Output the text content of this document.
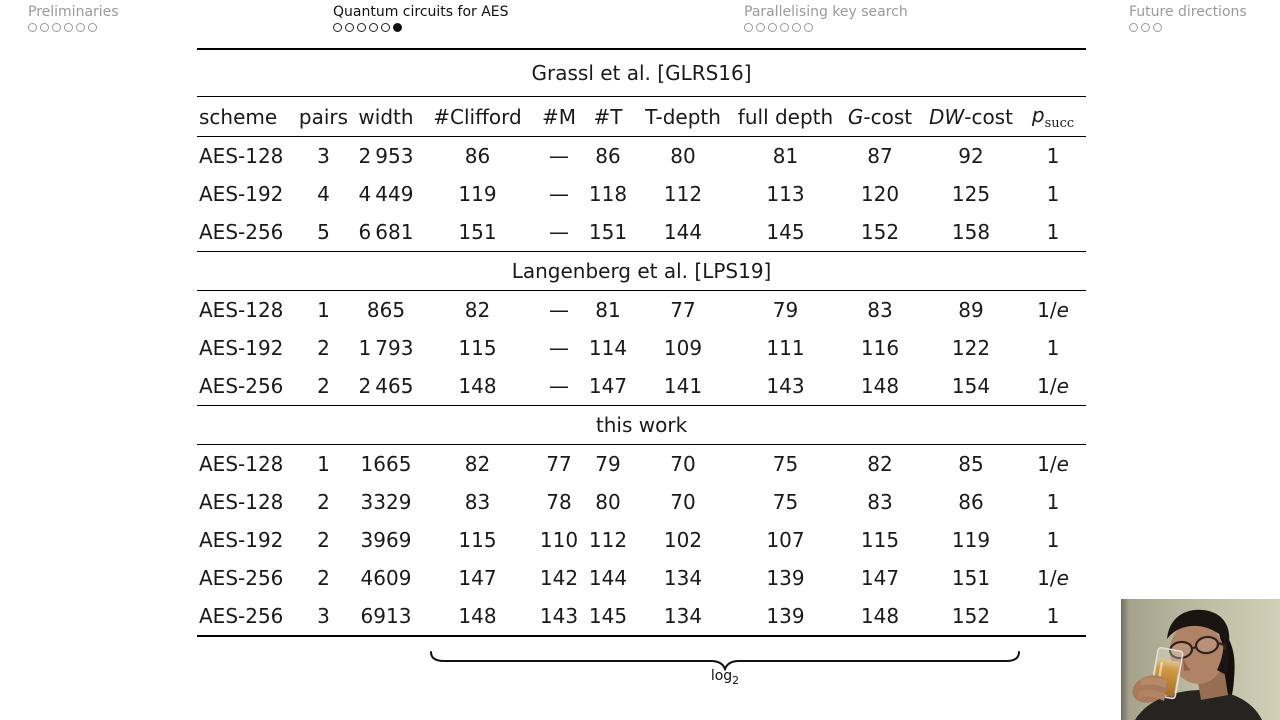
Preliminaries	Quantum circuits for AES	Parallelising key search	Future directions
Grassl et al. [GLRS16]										
scheme	pairs	width	#Clifford	#M	#T	T-depth	full depth	G-cost	DW-cost	$p_{succ}$
AES-128	3	2 953	86	—	86	80	81	87	92	1
AES-192	4	4 449	119	—	118	112	113	120	125	1
AES-256	5	6 681	151	—	151	144	145	152	158	1
Langenberg et al. [LPS19]										
AES-128	1	865	82	—	81	77	79	83	89	1/e
AES-192	2	1 793	115	—	114	109	111	116	122	1
AES-256	2	2 465	148	—	147	141	143	148	154	1/e
this work										
AES-128	1	1665	82	77	79	70	75	82	85	1/e
AES-128	2	3329	83	78	80	70	75	83	86	1
AES-192	2	3969	115	110	112	102	107	115	119	1
AES-256	2	4609	147	142	144	134	139	147	151	1/e
AES-256	3	6913	148	143	145	134	139	148	152	1
$\log_2$
